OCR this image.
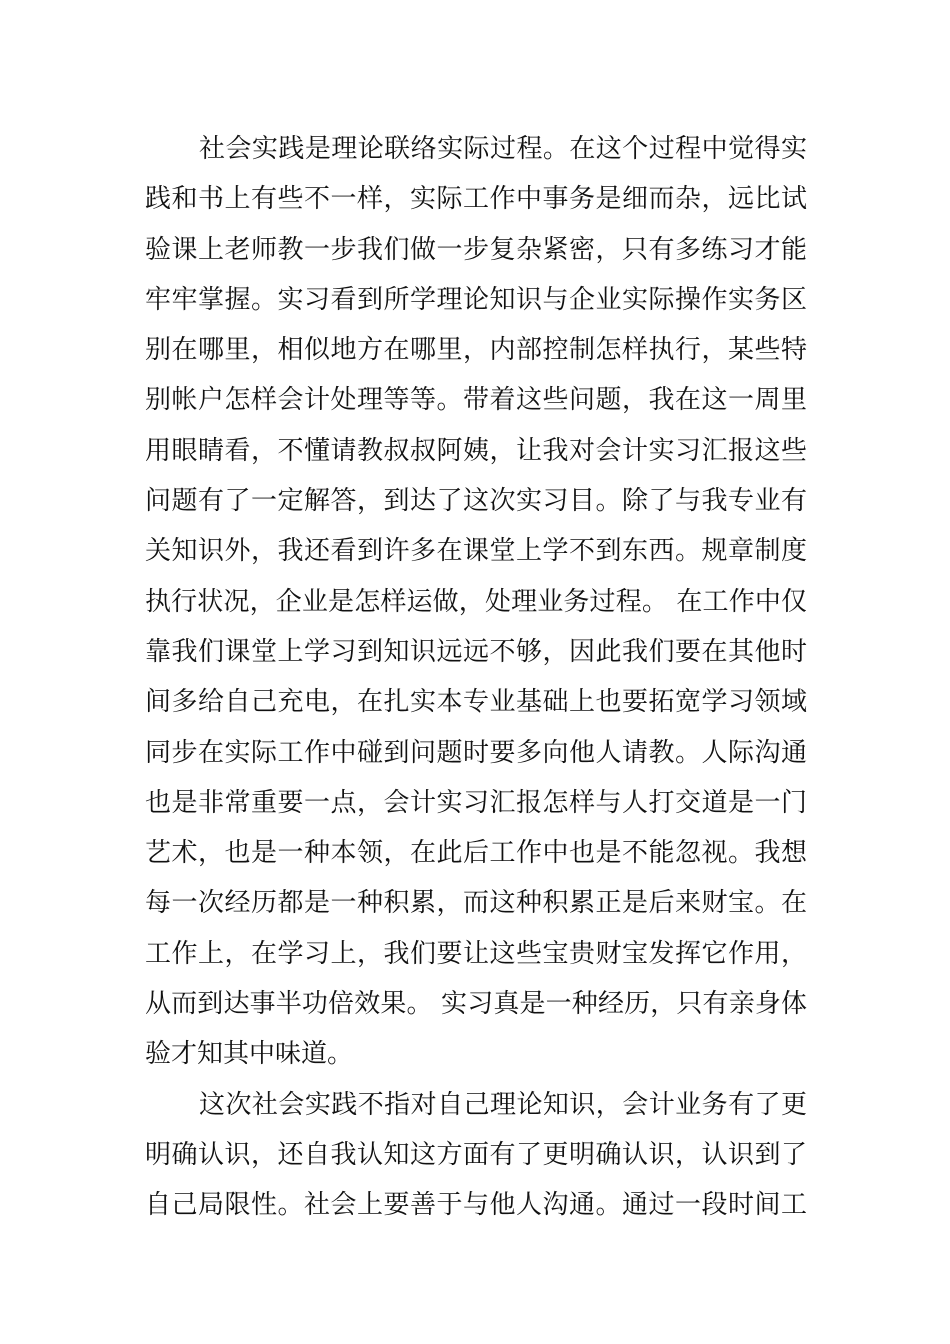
社会实践是理论联络实际过程。在这个过程中觉得实
践和书上有些不一样，实际工作中事务是细而杂，远比试
验课上老师教一步我们做一步复杂紧密，只有多练习才能
牢牢掌握。实习看到所学理论知识与企业实际操作实务区
别在哪里，相似地方在哪里，内部控制怎样执行，某些特
别帐户怎样会计处理等等。带着这些问题，我在这一周里
用眼睛看，不懂请教叔叔阿姨，让我对会计实习汇报这些
问题有了一定解答，到达了这次实习目。除了与我专业有
关知识外，我还看到许多在课堂上学不到东西。规章制度
执行状况，企业是怎样运做，处理业务过程。 在工作中仅
靠我们课堂上学习到知识远远不够，因此我们要在其他时
间多给自己充电，在扎实本专业基础上也要拓宽学习领域
同步在实际工作中碰到问题时要多向他人请教。人际沟通
也是非常重要一点，会计实习汇报怎样与人打交道是一门
艺术，也是一种本领，在此后工作中也是不能忽视。我想
每一次经历都是一种积累，而这种积累正是后来财宝。在
工作上，在学习上，我们要让这些宝贵财宝发挥它作用，
从而到达事半功倍效果。 实习真是一种经历，只有亲身体
验才知其中味道。
这次社会实践不指对自己理论知识，会计业务有了更
明确认识，还自我认知这方面有了更明确认识，认识到了
自己局限性。社会上要善于与他人沟通。通过一段时间工
